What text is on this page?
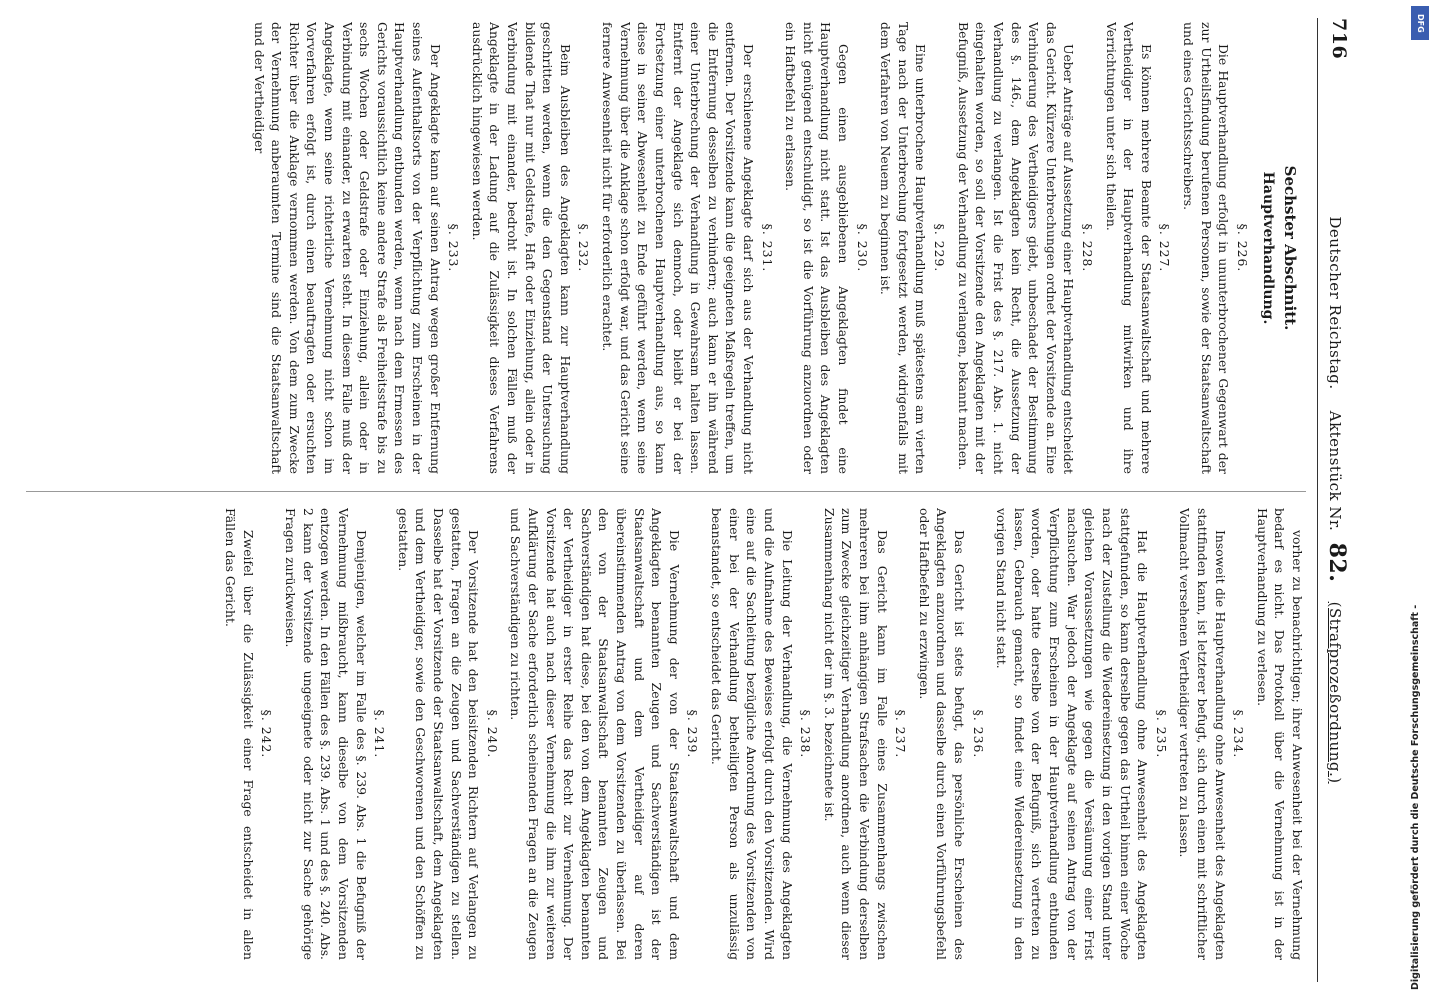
716
Deutscher Reichstag.    Aktenstück Nr. 82. (Strafprozeßordnung.)
Sechster Abschnitt.
Hauptverhandlung.
§. 226.

Die Hauptverhandlung erfolgt in ununterbrochener Gegenwart der zur Urtheilsfindung berufenen Personen, sowie der Staatsanwaltschaft und eines Gerichtsschreibers.

§. 227.

Es können mehrere Beamte der Staatsanwaltschaft und mehrere Vertheidiger in der Hauptverhandlung mitwirken und ihre Verrichtungen unter sich theilen.

§. 228.

Ueber Anträge auf Aussetzung einer Hauptverhandlung entscheidet das Gericht. Kürzere Unterbrechungen ordnet der Vorsitzende an. Eine Verhinderung des Vertheidigers giebt, unbeschadet der Bestimmung des §. 146., dem Angeklagten kein Recht, die Aussetzung der Verhandlung zu verlangen. Ist die Frist des §. 217. Abs. 1. nicht eingehalten worden, so soll der Vorsitzende den Angeklagten mit der Befugniß, Aussetzung der Verhandlung zu verlangen, bekannt machen.

§. 229.

Eine unterbrochene Hauptverhandlung muß spätestens am vierten Tage nach der Unterbrechung fortgesetzt werden, widrigenfalls mit dem Verfahren von Neuem zu beginnen ist.

§. 230.

Gegen einen ausgebliebenen Angeklagten findet eine Hauptverhandlung nicht statt. Ist das Ausbleiben des Angeklagten nicht genügend entschuldigt, so ist die Vorführung anzuordnen oder ein Haftbefehl zu erlassen.

§. 231.

Der erschienene Angeklagte darf sich aus der Verhandlung nicht entfernen. Der Vorsitzende kann die geeigneten Maßregeln treffen, um die Entfernung desselben zu verhindern; auch kann er ihn während einer Unterbrechung der Verhandlung in Gewahrsam halten lassen. Entfernt der Angeklagte sich dennoch, oder bleibt er bei der Fortsetzung einer unterbrochenen Hauptverhandlung aus, so kann diese in seiner Abwesenheit zu Ende geführt werden, wenn seine Vernehmung über die Anklage schon erfolgt war, und das Gericht seine fernere Anwesenheit nicht für erforderlich erachtet.

§. 232.

Beim Ausbleiben des Angeklagten kann zur Hauptverhandlung geschritten werden, wenn die den Gegenstand der Untersuchung bildende That nur mit Geldstrafe, Haft oder Einziehung, allein oder in Verbindung mit einander, bedroht ist. In solchen Fällen muß der Angeklagte in der Ladung auf die Zulässigkeit dieses Verfahrens ausdrücklich hingewiesen werden.

§. 233.

Der Angeklagte kann auf seinen Antrag wegen großer Entfernung seines Aufenthaltsorts von der Verpflichtung zum Erscheinen in der Hauptverhandlung entbunden werden, wenn nach dem Ermessen des Gerichts voraussichtlich keine andere Strafe als Freiheitsstrafe bis zu sechs Wochen oder Geldstrafe oder Einziehung, allein oder in Verbindung mit einander, zu erwarten steht. In diesem Falle muß der Angeklagte, wenn seine richterliche Vernehmung nicht schon im Vorverfahren erfolgt ist, durch einen beauftragten oder ersuchten Richter über die Anklage vernommen werden. Von dem zum Zwecke der Vernehmung anberaumten Termine sind die Staatsanwaltschaft und der Vertheidiger

vorher zu benachrichtigen; ihrer Anwesenheit bei der Vernehmung bedarf es nicht. Das Protokoll über die Vernehmung ist in der Hauptverhandlung zu verlesen.

§. 234.

Insoweit die Hauptverhandlung ohne Anwesenheit des Angeklagten stattfinden kann, ist letzterer befugt, sich durch einen mit schriftlicher Vollmacht versehenen Vertheidiger vertreten zu lassen.

§. 235.

Hat die Hauptverhandlung ohne Anwesenheit des Angeklagten stattgefunden, so kann derselbe gegen das Urtheil binnen einer Woche nach der Zustellung die Wiedereinsetzung in den vorigen Stand unter gleichen Voraussetzungen wie gegen die Versäumung einer Frist nachsuchen. War jedoch der Angeklagte auf seinen Antrag von der Verpflichtung zum Erscheinen in der Hauptverhandlung entbunden worden, oder hatte derselbe von der Befugniß, sich vertreten zu lassen, Gebrauch gemacht, so findet eine Wiedereinsetzung in den vorigen Stand nicht statt.

§. 236.

Das Gericht ist stets befugt, das persönliche Erscheinen des Angeklagten anzuordnen und dasselbe durch einen Vorführungsbefehl oder Haftbefehl zu erzwingen.

§. 237.

Das Gericht kann im Falle eines Zusammenhangs zwischen mehreren bei ihm anhängigen Strafsachen die Verbindung derselben zum Zwecke gleichzeitiger Verhandlung anordnen, auch wenn dieser Zusammenhang nicht der im §. 3. bezeichnete ist.

§. 238.

Die Leitung der Verhandlung, die Vernehmung des Angeklagten und die Aufnahme des Beweises erfolgt durch den Vorsitzenden. Wird eine auf die Sachleitung bezügliche Anordnung des Vorsitzenden von einer bei der Verhandlung betheiligten Person als unzulässig beanstandet, so entscheidet das Gericht.

§. 239.

Die Vernehmung der von der Staatsanwaltschaft und dem Angeklagten benannten Zeugen und Sachverständigen ist der Staatsanwaltschaft und dem Vertheidiger auf deren übereinstimmenden Antrag von dem Vorsitzenden zu überlassen. Bei den von der Staatsanwaltschaft benannten Zeugen und Sachverständigen hat diese, bei den von dem Angeklagten benannten der Vertheidiger in erster Reihe das Recht zur Vernehmung. Der Vorsitzende hat auch nach dieser Vernehmung die ihm zur weiteren Aufklärung der Sache erforderlich scheinenden Fragen an die Zeugen und Sachverständigen zu richten.

§. 240.

Der Vorsitzende hat den beisitzenden Richtern auf Verlangen zu gestatten, Fragen an die Zeugen und Sachverständigen zu stellen. Dasselbe hat der Vorsitzende der Staatsanwaltschaft, dem Angeklagten und dem Vertheidiger, sowie den Geschworenen und den Schöffen zu gestatten.

§. 241.

Demjenigen, welcher im Falle des §. 239. Abs. 1 die Befugniß der Vernehmung mißbraucht, kann dieselbe von dem Vorsitzenden entzogen werden. In den Fällen des §. 239. Abs. 1 und des §. 240. Abs. 2 kann der Vorsitzende ungeeignete oder nicht zur Sache gehörige Fragen zurückweisen.

§. 242.

Zweifel über die Zulässigkeit einer Frage entscheidet in allen Fällen das Gericht.

DFG
Digitalisierung gefördert durch die Deutsche Forschungsgemeinschaft -
